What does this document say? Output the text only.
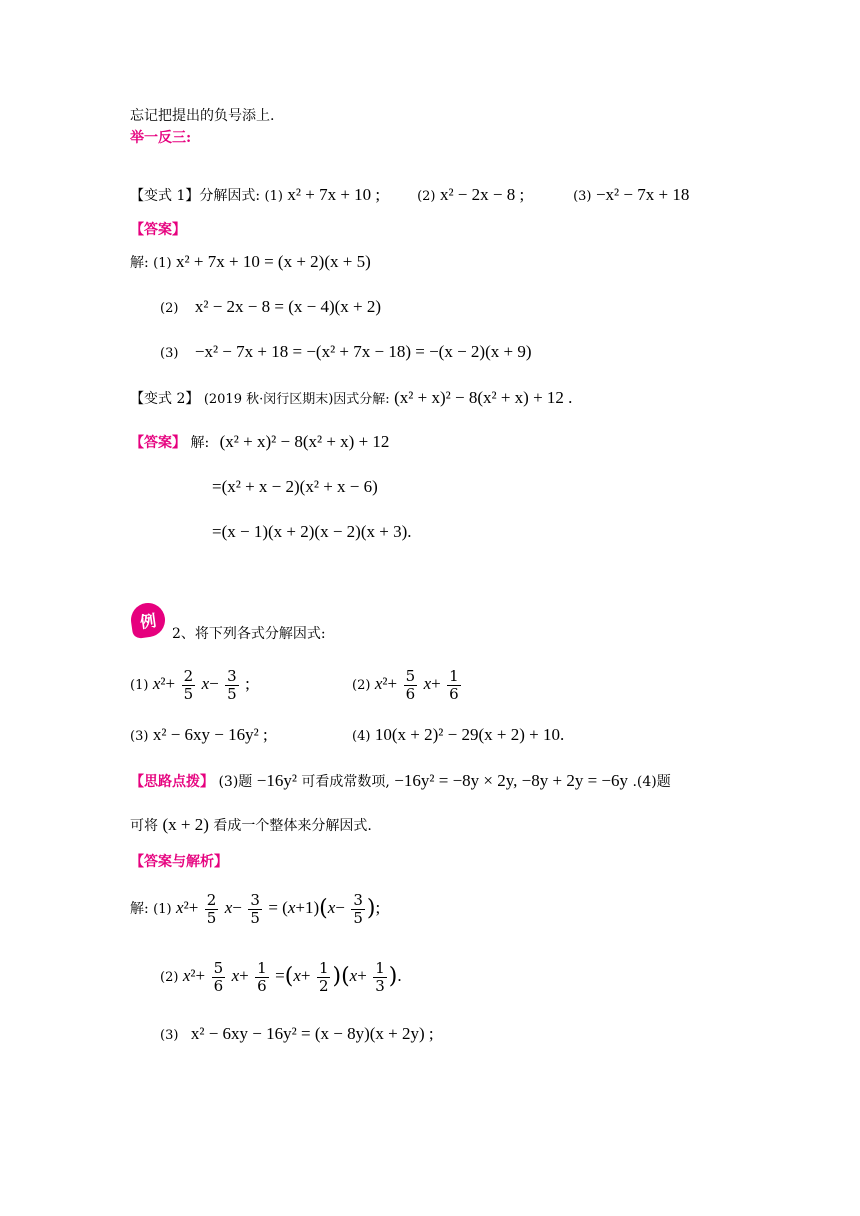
忘记把提出的负号添上.
举一反三:
【变式 1】分解因式: (1) x² + 7x + 10 ;	(2) x² − 2x − 8 ;	(3) −x² − 7x + 18
【答案】
解: (1) x² + 7x + 10 = (x + 2)(x + 5)
(2) x² − 2x − 8 = (x − 4)(x + 2)
(3) −x² − 7x + 18 = −(x² + 7x − 18) = −(x − 2)(x + 9)
【变式 2】 (2019 秋·闵行区期末)因式分解: (x² + x)² − 8(x² + x) + 12 .
【答案】 解: (x² + x)² − 8(x² + x) + 12
=(x² + x − 2)(x² + x − 6)
=(x − 1)(x + 2)(x − 2)(x + 3).
例
2、将下列各式分解因式:
(1) $x^2+ \frac{2}{5} x- \frac{3}{5}$ ;	(2) $x^2+ \frac{5}{6} x+ \frac{1}{6}$
(3) x² − 6xy − 16y² ;	(4) 10(x + 2)² − 29(x + 2) + 10.
【思路点拨】 (3)题 −16y² 可看成常数项, −16y² = −8y × 2y, −8y + 2y = −6y .(4)题
可将 (x + 2) 看成一个整体来分解因式.
【答案与解析】
解: (1) $x^2+ \frac{2}{5} x- \frac{3}{5} = (x+1)(x- \frac{3}{5}$ );
(2) $x^2+ \frac{5}{6} x+ \frac{1}{6} =(x+ \frac{1}{2} )(x+ \frac{1}{3}$ ).
(3) x² − 6xy − 16y² = (x − 8y)(x + 2y) ;
